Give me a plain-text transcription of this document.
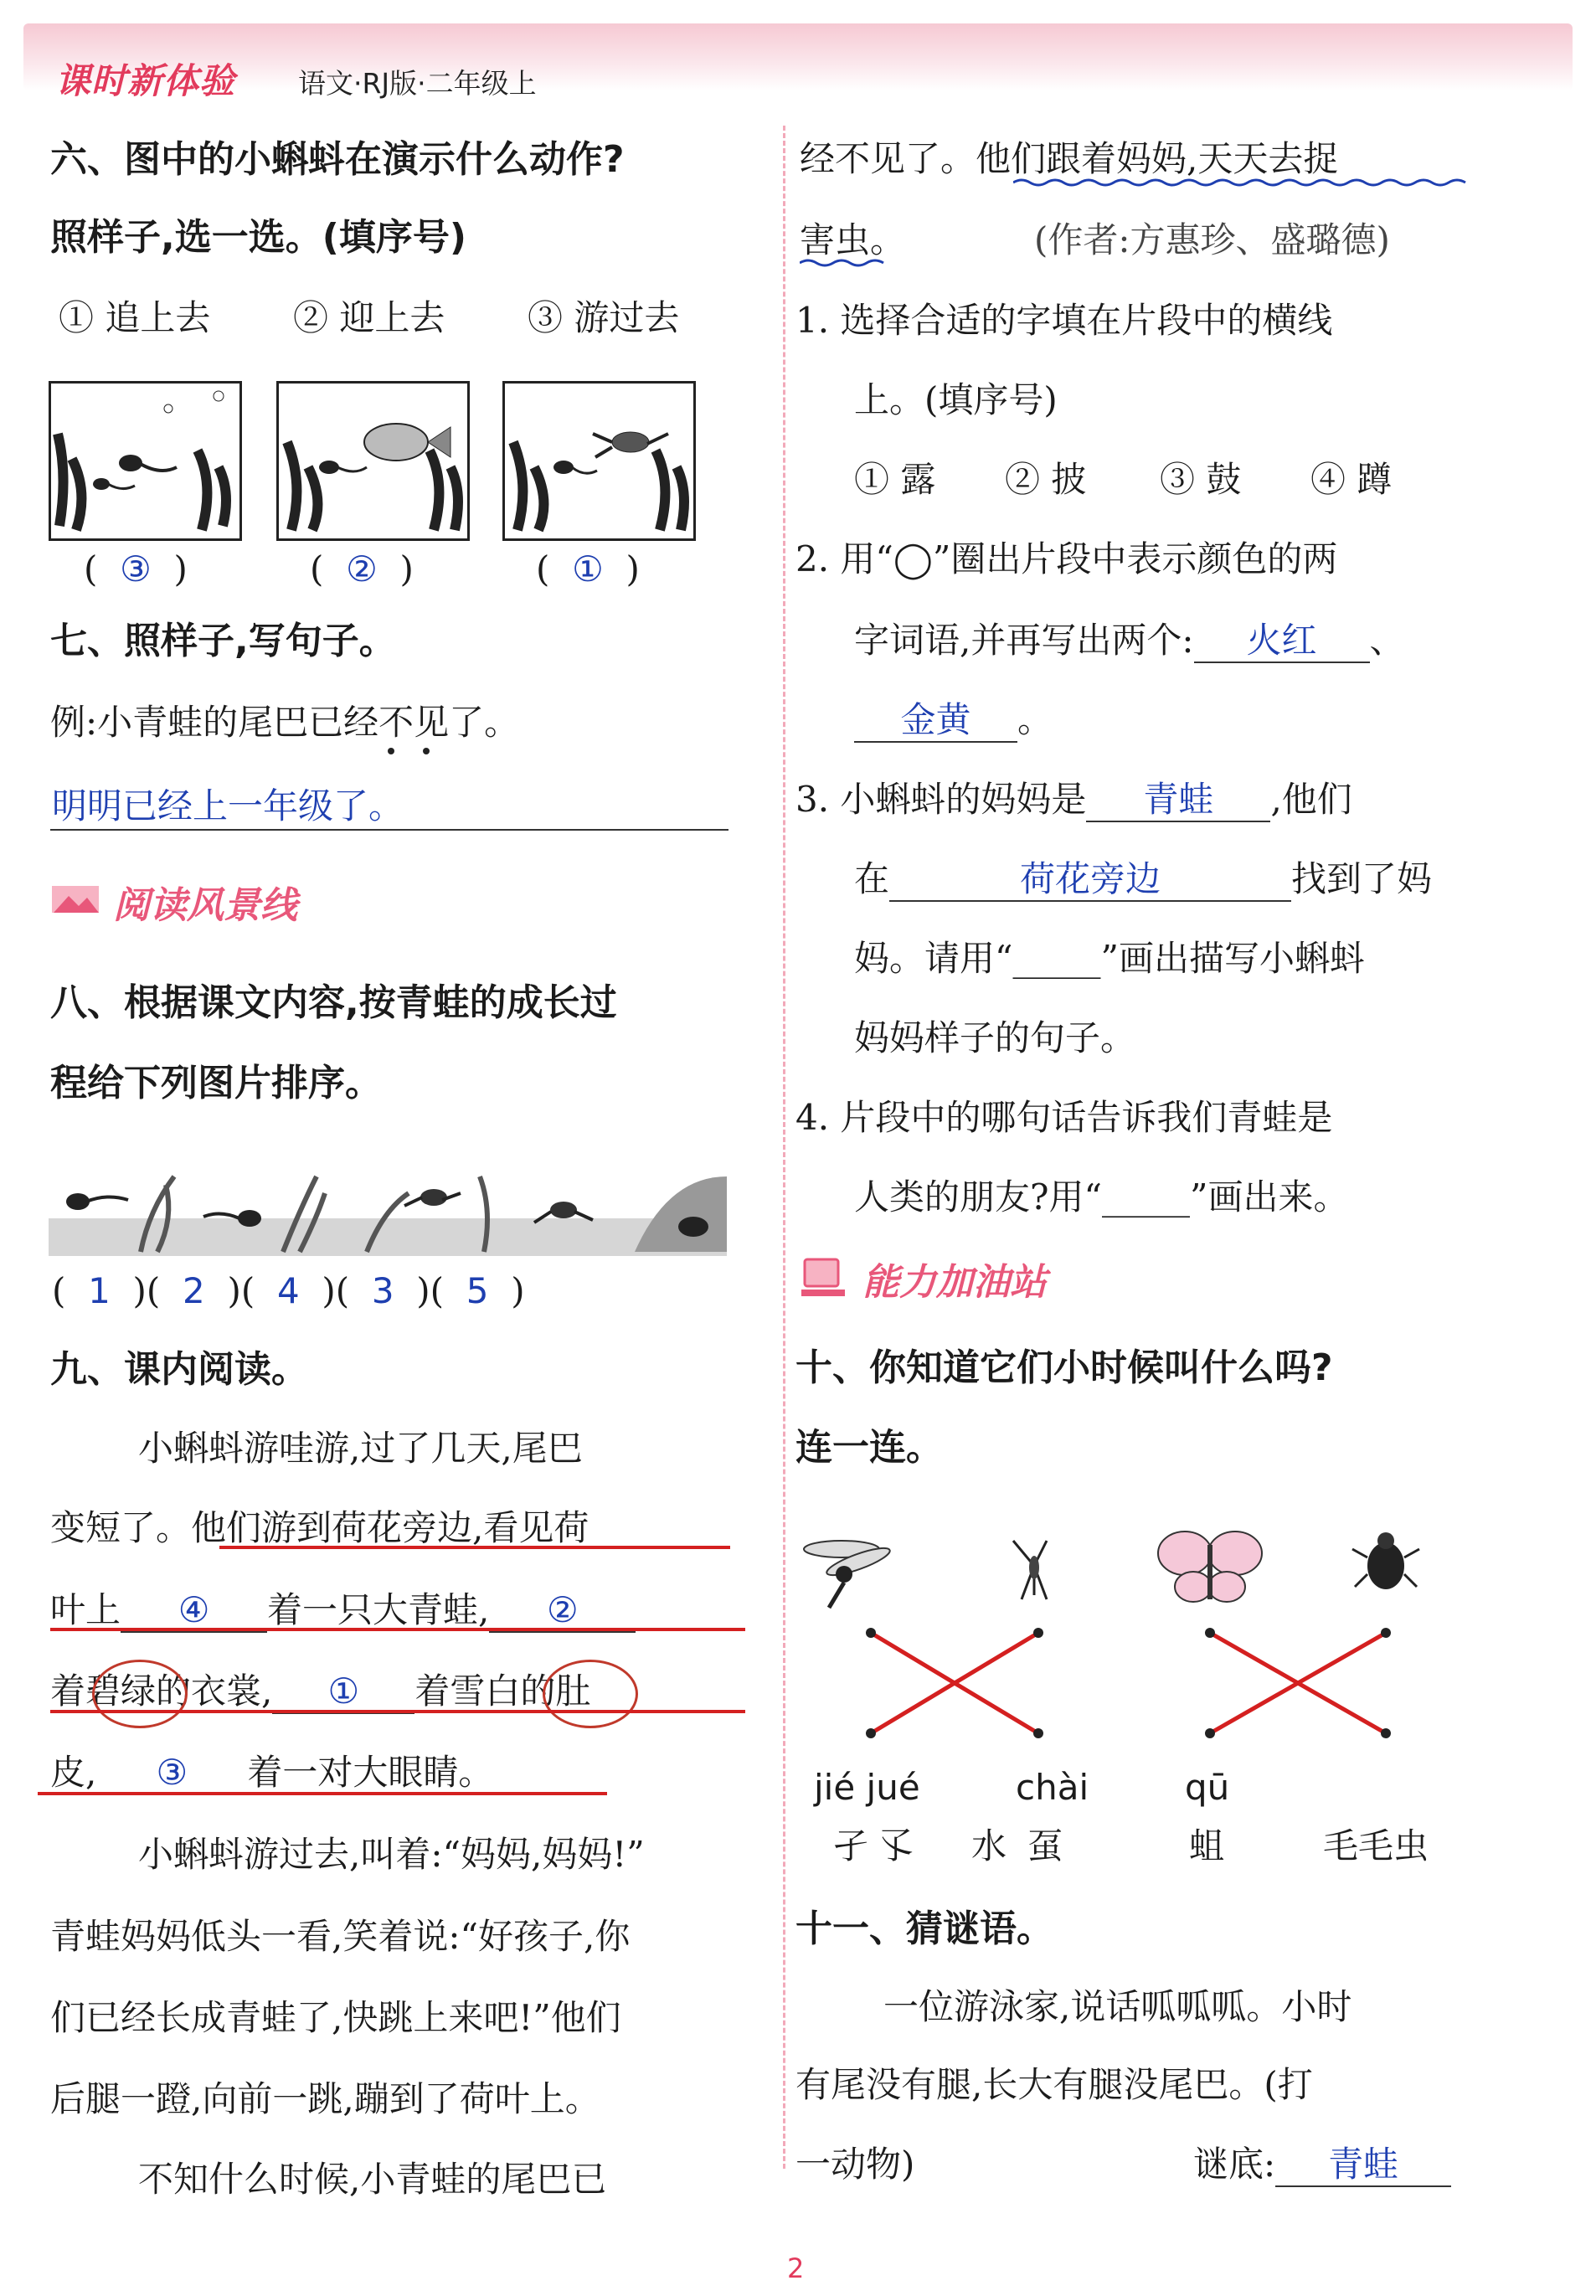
课时新体验 语文·RJ版·二年级上
六、图中的小蝌蚪在演示什么动作?
照样子,选一选。(填序号)
① 追上去 ② 迎上去 ③ 游过去
(  ③  )	(  ②  )	(  ①  )
七、照样子,写句子。
例:小青蛙的尾巴已经不见了。
明明已经上一年级了。
阅读风景线
八、根据课文内容,按青蛙的成长过
程给下列图片排序。
(  1  )(  2  )(  4  )(  3  )(  5  )
九、课内阅读。
小蝌蚪游哇游,过了几天,尾巴
变短了。他们游到荷花旁边,看见荷
叶上 ④ 着一只大青蛙, ②
着碧绿的衣裳, ① 着雪白的肚
皮, ③ 着一对大眼睛。
小蝌蚪游过去,叫着:“妈妈,妈妈!”
青蛙妈妈低头一看,笑着说:“好孩子,你
们已经长成青蛙了,快跳上来吧!”他们
后腿一蹬,向前一跳,蹦到了荷叶上。
不知什么时候,小青蛙的尾巴已
经不见了。他们跟着妈妈,天天去捉
害虫。	(作者:方惠珍、盛璐德)
1. 选择合适的字填在片段中的横线
上。(填序号)
① 露 ② 披 ③ 鼓 ④ 蹲
2. 用“◯”圈出片段中表示颜色的两
字词语,并再写出两个: 火红 、
金黄 。
3. 小蝌蚪的妈妈是 青蛙 ,他们
在	荷花旁边	找到了妈
妈。请用“_____”画出描写小蝌蚪
妈妈样子的句子。
4. 片段中的哪句话告诉我们青蛙是
人类的朋友?用“_____”画出来。
能力加油站
十、你知道它们小时候叫什么吗?
连一连。
jié jué	chài	qū
孑孓 水 虿	蛆	毛毛虫
十一、猜谜语。
一位游泳家,说话呱呱呱。小时
有尾没有腿,长大有腿没尾巴。(打
一动物)	谜底: 青蛙
2
